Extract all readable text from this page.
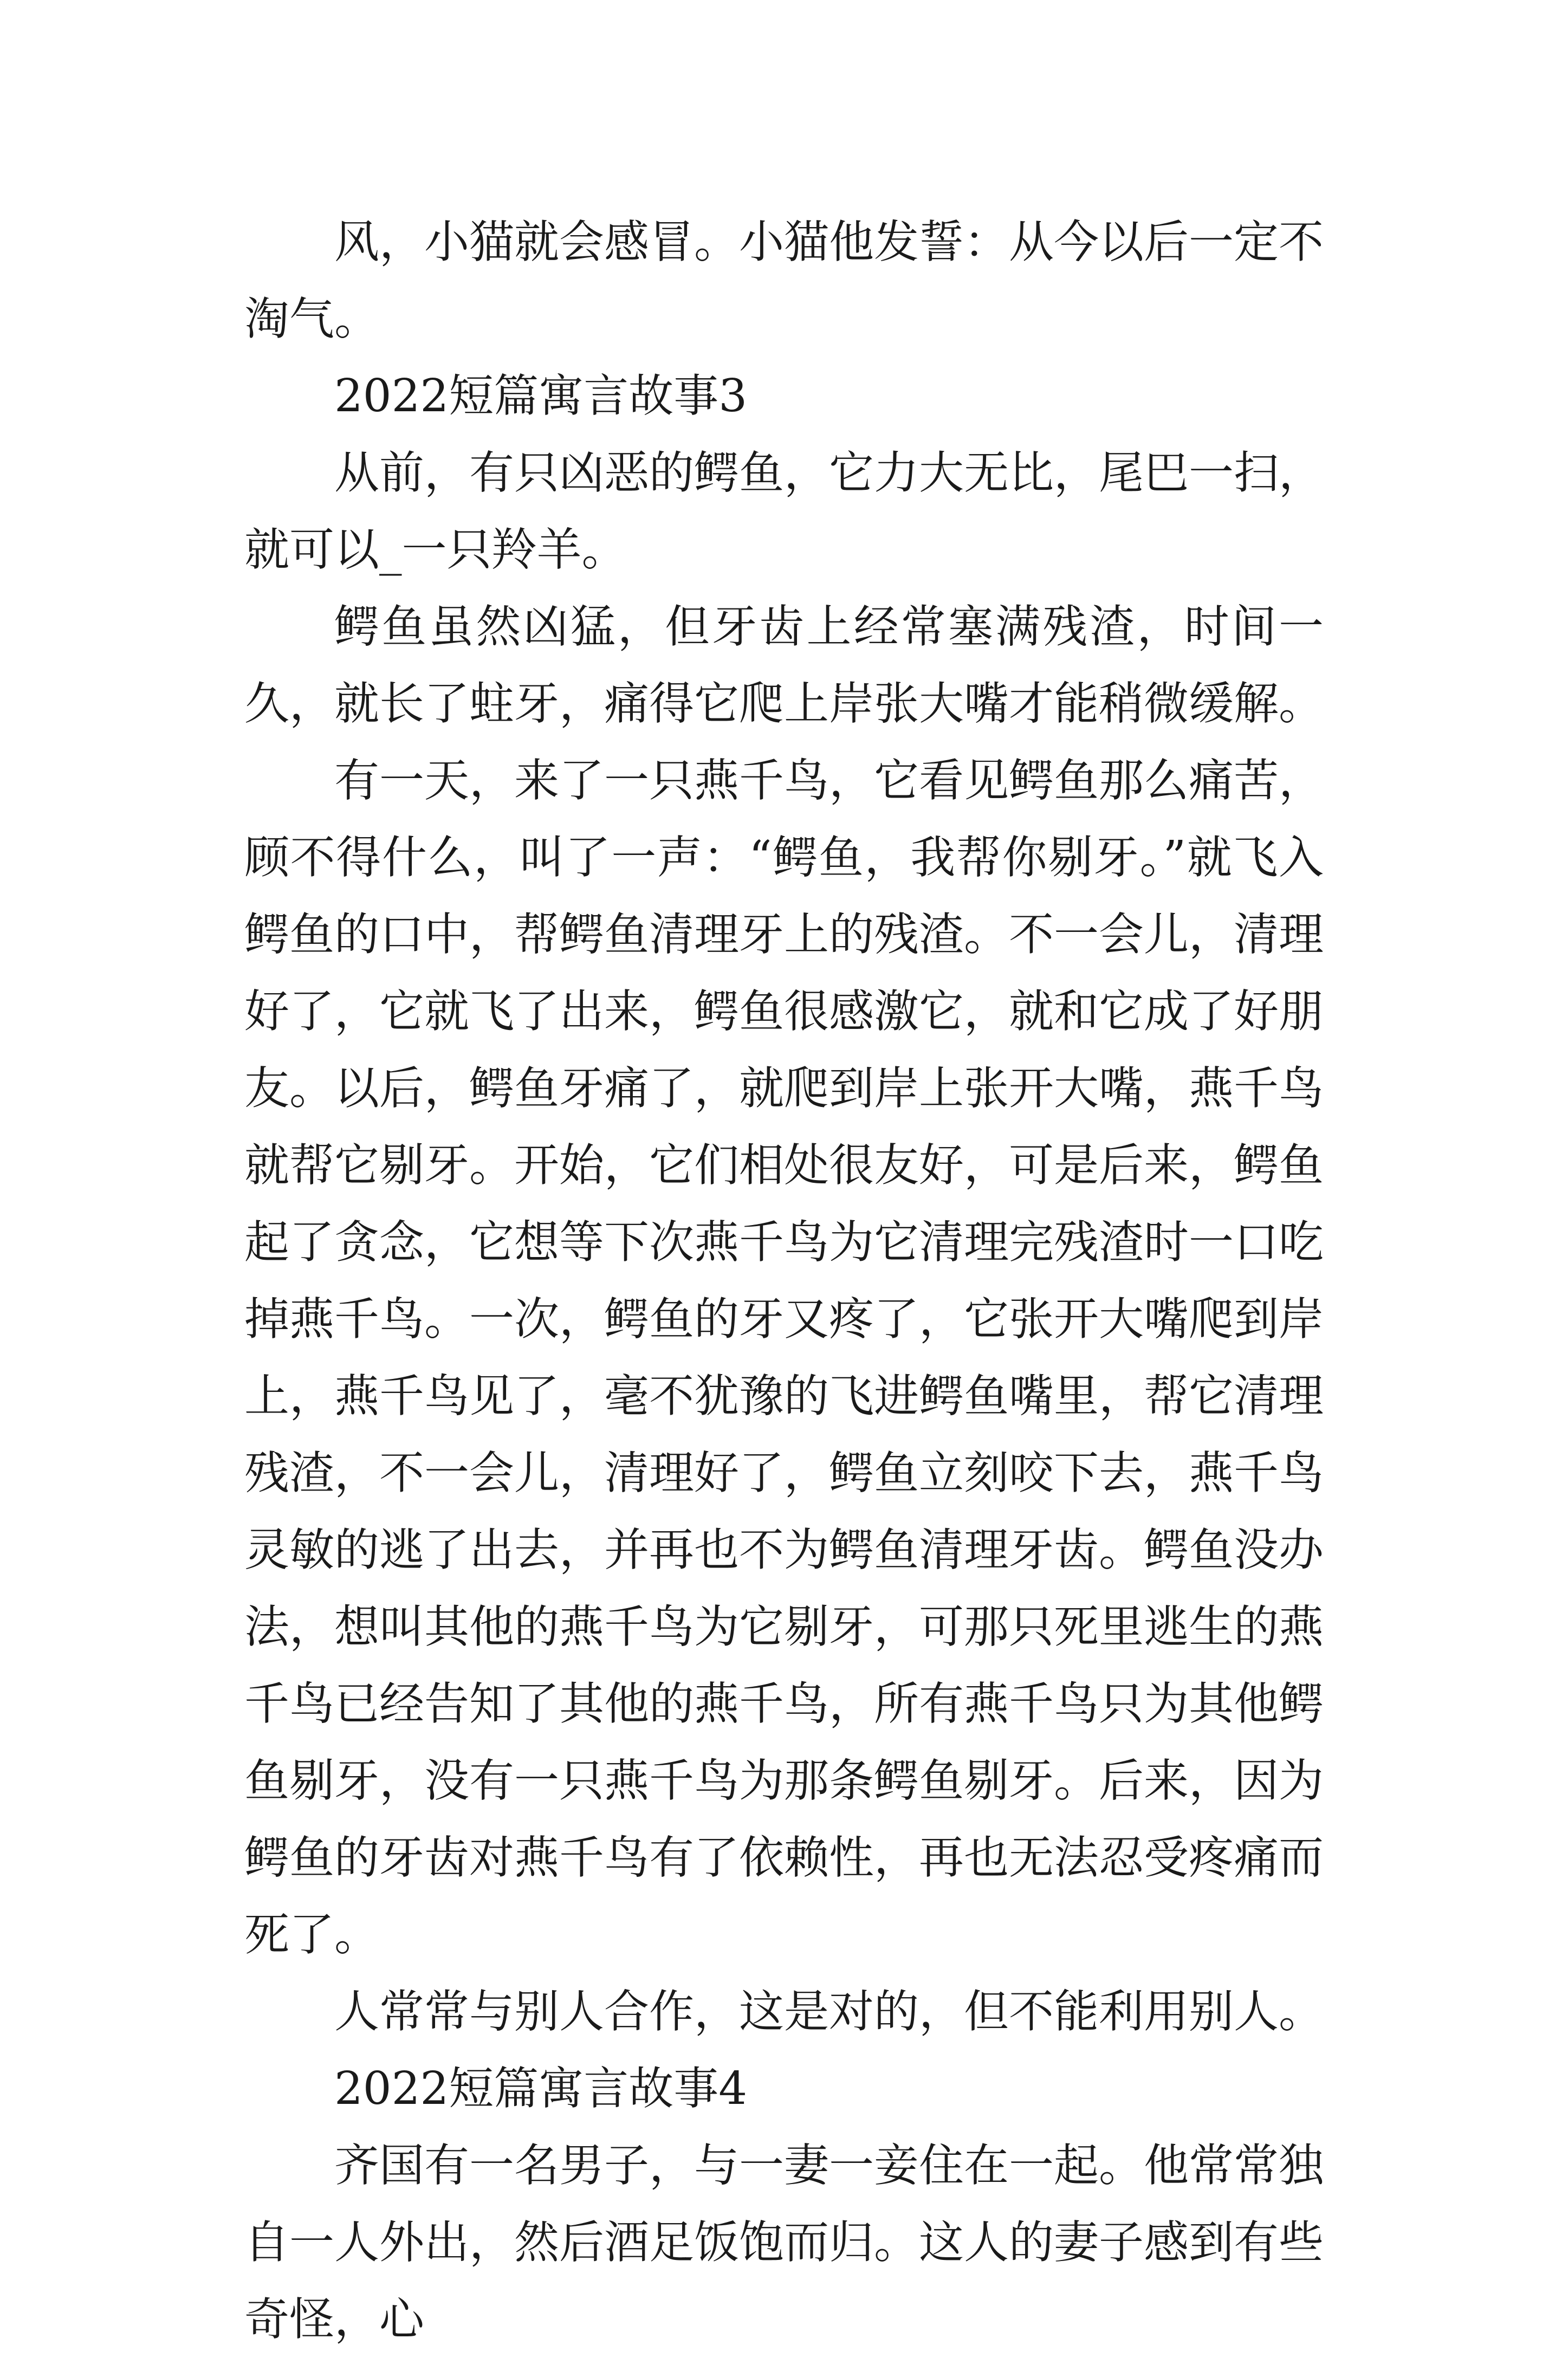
风，小猫就会感冒。小猫他发誓：从今以后一定不淘气。

2022短篇寓言故事3

从前，有只凶恶的鳄鱼，它力大无比，尾巴一扫，就可以_一只羚羊。

鳄鱼虽然凶猛，但牙齿上经常塞满残渣，时间一久，就长了蛀牙，痛得它爬上岸张大嘴才能稍微缓解。

有一天，来了一只燕千鸟，它看见鳄鱼那么痛苦，顾不得什么，叫了一声：“鳄鱼，我帮你剔牙。”就飞入鳄鱼的口中，帮鳄鱼清理牙上的残渣。不一会儿，清理好了，它就飞了出来，鳄鱼很感激它，就和它成了好朋友。以后，鳄鱼牙痛了，就爬到岸上张开大嘴，燕千鸟就帮它剔牙。开始，它们相处很友好，可是后来，鳄鱼起了贪念，它想等下次燕千鸟为它清理完残渣时一口吃掉燕千鸟。一次，鳄鱼的牙又疼了，它张开大嘴爬到岸上，燕千鸟见了，毫不犹豫的飞进鳄鱼嘴里，帮它清理残渣，不一会儿，清理好了，鳄鱼立刻咬下去，燕千鸟灵敏的逃了出去，并再也不为鳄鱼清理牙齿。鳄鱼没办法，想叫其他的燕千鸟为它剔牙，可那只死里逃生的燕千鸟已经告知了其他的燕千鸟，所有燕千鸟只为其他鳄鱼剔牙，没有一只燕千鸟为那条鳄鱼剔牙。后来，因为鳄鱼的牙齿对燕千鸟有了依赖性，再也无法忍受疼痛而死了。

人常常与别人合作，这是对的，但不能利用别人。

2022短篇寓言故事4

齐国有一名男子，与一妻一妾住在一起。他常常独自一人外出，然后酒足饭饱而归。这人的妻子感到有些奇怪，心
